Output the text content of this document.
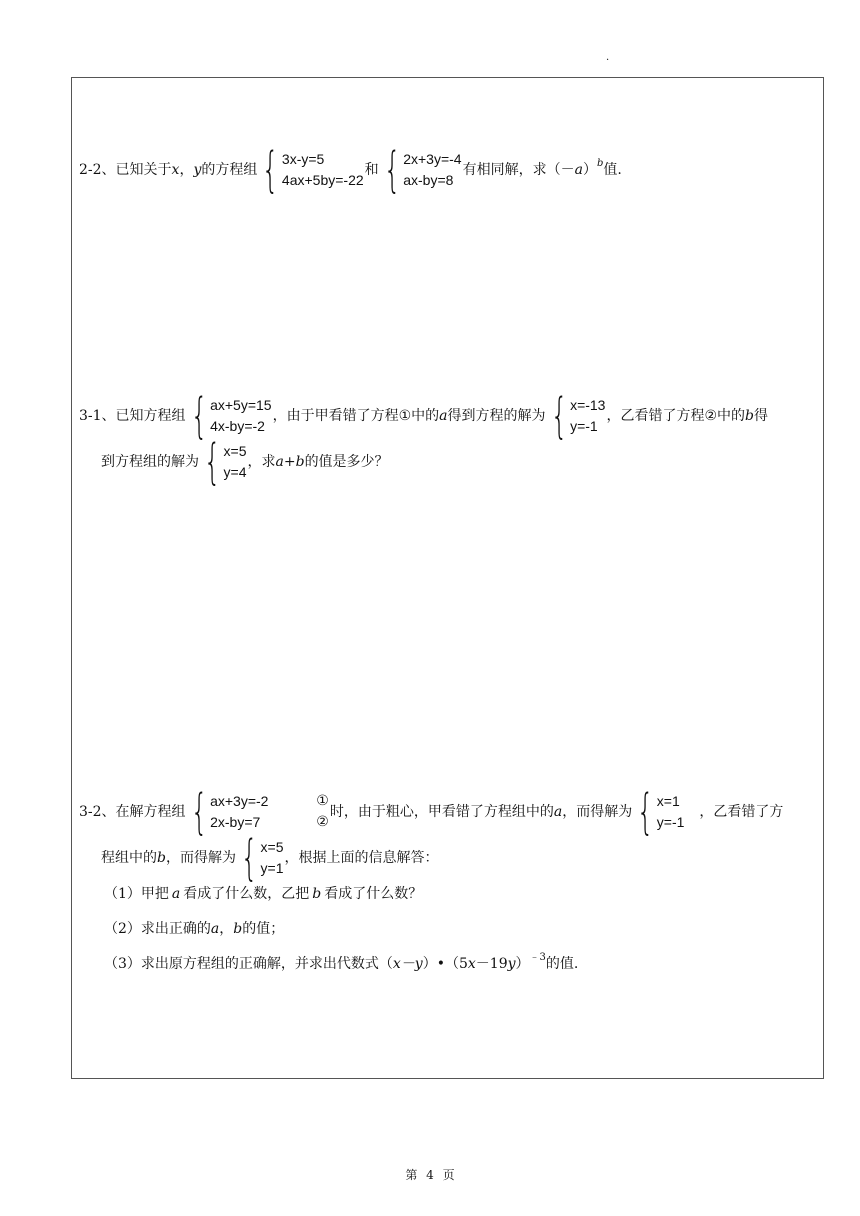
.
2-2、已知关于 x ， y 的方程组 { 3x-y=5
4ax+5by=-22
和 { 2x+3y=-4
ax-by=8
有相同解，求（－ a ）$^b$ 值.
3-1、已知方程组 { ax+5y=15
4x-by=-2
，由于甲看错了方程 ① 中的 a 得到方程的解为 { x=-13
y=-1
，乙看错了方程 ② 中的 b 得
到方程组的解为 { x=5
y=4
，求 a+b 的值是多少？
3-2、在解方程组 { ax+3y=-2	①
2x-by=7	②
时，由于粗心，甲看错了方程组中的 a ，而得解为 { x=1
y=-1
，乙看错了方
程组中的 b ，而得解为 { x=5
y=1
，根据上面的信息解答：
（1）甲把 a 看成了什么数，乙把 b 看成了什么数？
（2）求出正确的 a ， b 的值；
（3）求出原方程组的正确解，并求出代数式（ x－y ）•（5 x －19 y ）$^{﹣3}$ 的值.
第 4 页
